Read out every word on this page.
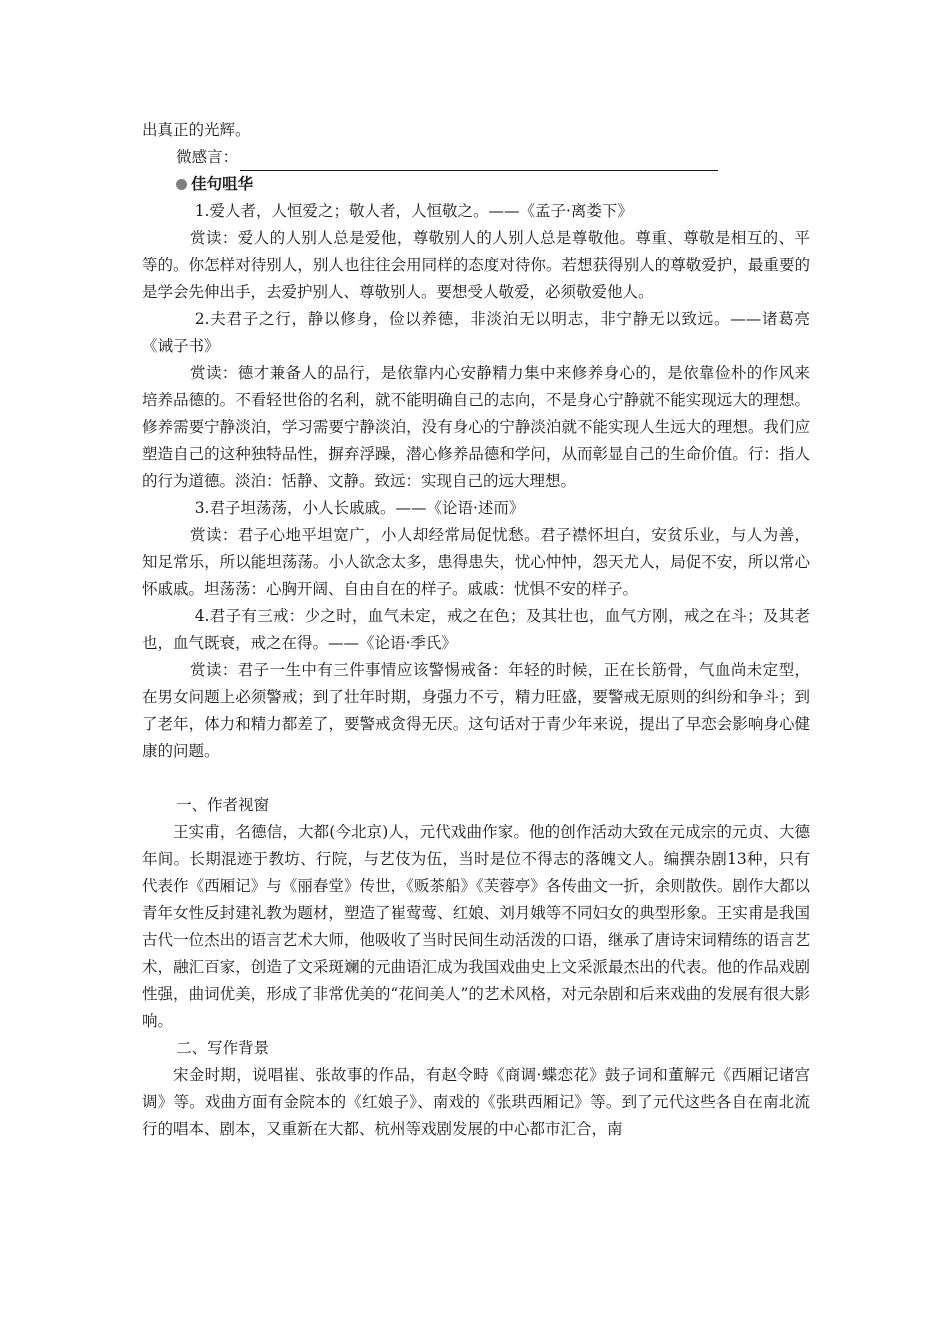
出真正的光辉。

微感言：
佳句咀华

1.爱人者，人恒爱之；敬人者，人恒敬之。——《孟子·离娄下》

赏读：爱人的人别人总是爱他，尊敬别人的人别人总是尊敬他。尊重、尊敬是相互的、平等的。你怎样对待别人，别人也往往会用同样的态度对待你。若想获得别人的尊敬爱护，最重要的是学会先伸出手，去爱护别人、尊敬别人。要想受人敬爱，必须敬爱他人。

2.夫君子之行，静以修身，俭以养德，非淡泊无以明志，非宁静无以致远。——诸葛亮《诫子书》

赏读：德才兼备人的品行，是依靠内心安静精力集中来修养身心的，是依靠俭朴的作风来培养品德的。不看轻世俗的名利，就不能明确自己的志向，不是身心宁静就不能实现远大的理想。修养需要宁静淡泊，学习需要宁静淡泊，没有身心的宁静淡泊就不能实现人生远大的理想。我们应塑造自己的这种独特品性，摒弃浮躁，潜心修养品德和学问，从而彰显自己的生命价值。行：指人的行为道德。淡泊：恬静、文静。致远：实现自己的远大理想。

3.君子坦荡荡，小人长戚戚。——《论语·述而》

赏读：君子心地平坦宽广，小人却经常局促忧愁。君子襟怀坦白，安贫乐业，与人为善，知足常乐，所以能坦荡荡。小人欲念太多，患得患失，忧心忡忡，怨天尤人，局促不安，所以常心怀戚戚。坦荡荡：心胸开阔、自由自在的样子。戚戚：忧惧不安的样子。

4.君子有三戒：少之时，血气未定，戒之在色；及其壮也，血气方刚，戒之在斗；及其老也，血气既衰，戒之在得。——《论语·季氏》

赏读：君子一生中有三件事情应该警惕戒备：年轻的时候，正在长筋骨，气血尚未定型，在男女问题上必须警戒；到了壮年时期，身强力不亏，精力旺盛，要警戒无原则的纠纷和争斗；到了老年，体力和精力都差了，要警戒贪得无厌。这句话对于青少年来说，提出了早恋会影响身心健康的问题。

一、作者视窗

王实甫，名德信，大都(今北京)人，元代戏曲作家。他的创作活动大致在元成宗的元贞、大德年间。长期混迹于教坊、行院，与艺伎为伍，当时是位不得志的落魄文人。编撰杂剧13种，只有代表作《西厢记》与《丽春堂》传世，《贩茶船》《芙蓉亭》各传曲文一折，余则散佚。剧作大都以青年女性反封建礼教为题材，塑造了崔莺莺、红娘、刘月娥等不同妇女的典型形象。王实甫是我国古代一位杰出的语言艺术大师，他吸收了当时民间生动活泼的口语，继承了唐诗宋词精练的语言艺术，融汇百家，创造了文采斑斓的元曲语汇成为我国戏曲史上文采派最杰出的代表。他的作品戏剧性强，曲词优美，形成了非常优美的“花间美人”的艺术风格，对元杂剧和后来戏曲的发展有很大影响。

二、写作背景

宋金时期，说唱崔、张故事的作品，有赵令畤《商调·蝶恋花》鼓子词和董解元《西厢记诸宫调》等。戏曲方面有金院本的《红娘子》、南戏的《张珙西厢记》等。到了元代这些各自在南北流行的唱本、剧本，又重新在大都、杭州等戏剧发展的中心都市汇合，南
